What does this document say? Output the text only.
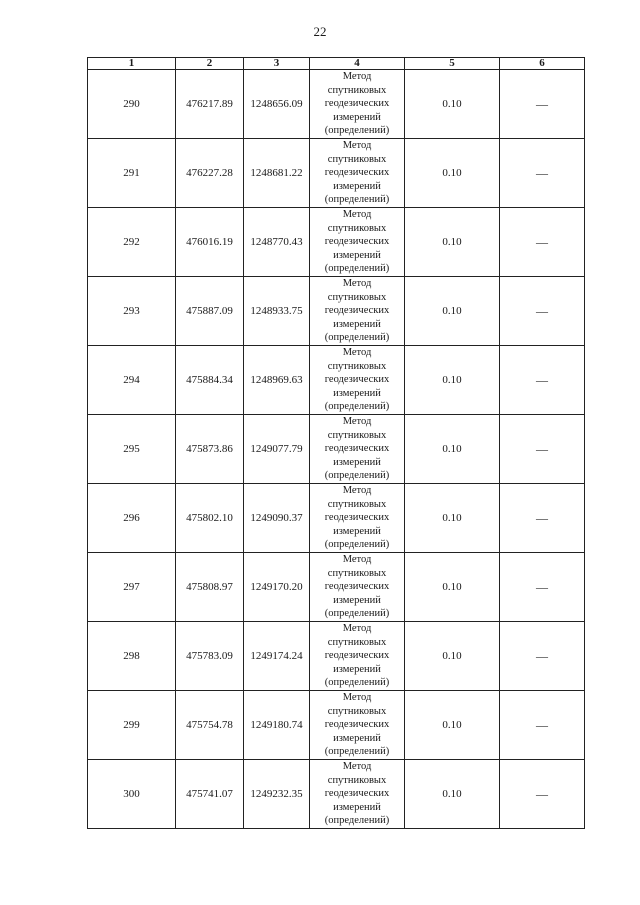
22
1	2	3	4	5	6
290	476217.89	1248656.09	Метод
спутниковых
геодезических
измерений
(определений)	0.10	—
291	476227.28	1248681.22	Метод
спутниковых
геодезических
измерений
(определений)	0.10	—
292	476016.19	1248770.43	Метод
спутниковых
геодезических
измерений
(определений)	0.10	—
293	475887.09	1248933.75	Метод
спутниковых
геодезических
измерений
(определений)	0.10	—
294	475884.34	1248969.63	Метод
спутниковых
геодезических
измерений
(определений)	0.10	—
295	475873.86	1249077.79	Метод
спутниковых
геодезических
измерений
(определений)	0.10	—
296	475802.10	1249090.37	Метод
спутниковых
геодезических
измерений
(определений)	0.10	—
297	475808.97	1249170.20	Метод
спутниковых
геодезических
измерений
(определений)	0.10	—
298	475783.09	1249174.24	Метод
спутниковых
геодезических
измерений
(определений)	0.10	—
299	475754.78	1249180.74	Метод
спутниковых
геодезических
измерений
(определений)	0.10	—
300	475741.07	1249232.35	Метод
спутниковых
геодезических
измерений
(определений)	0.10	—
